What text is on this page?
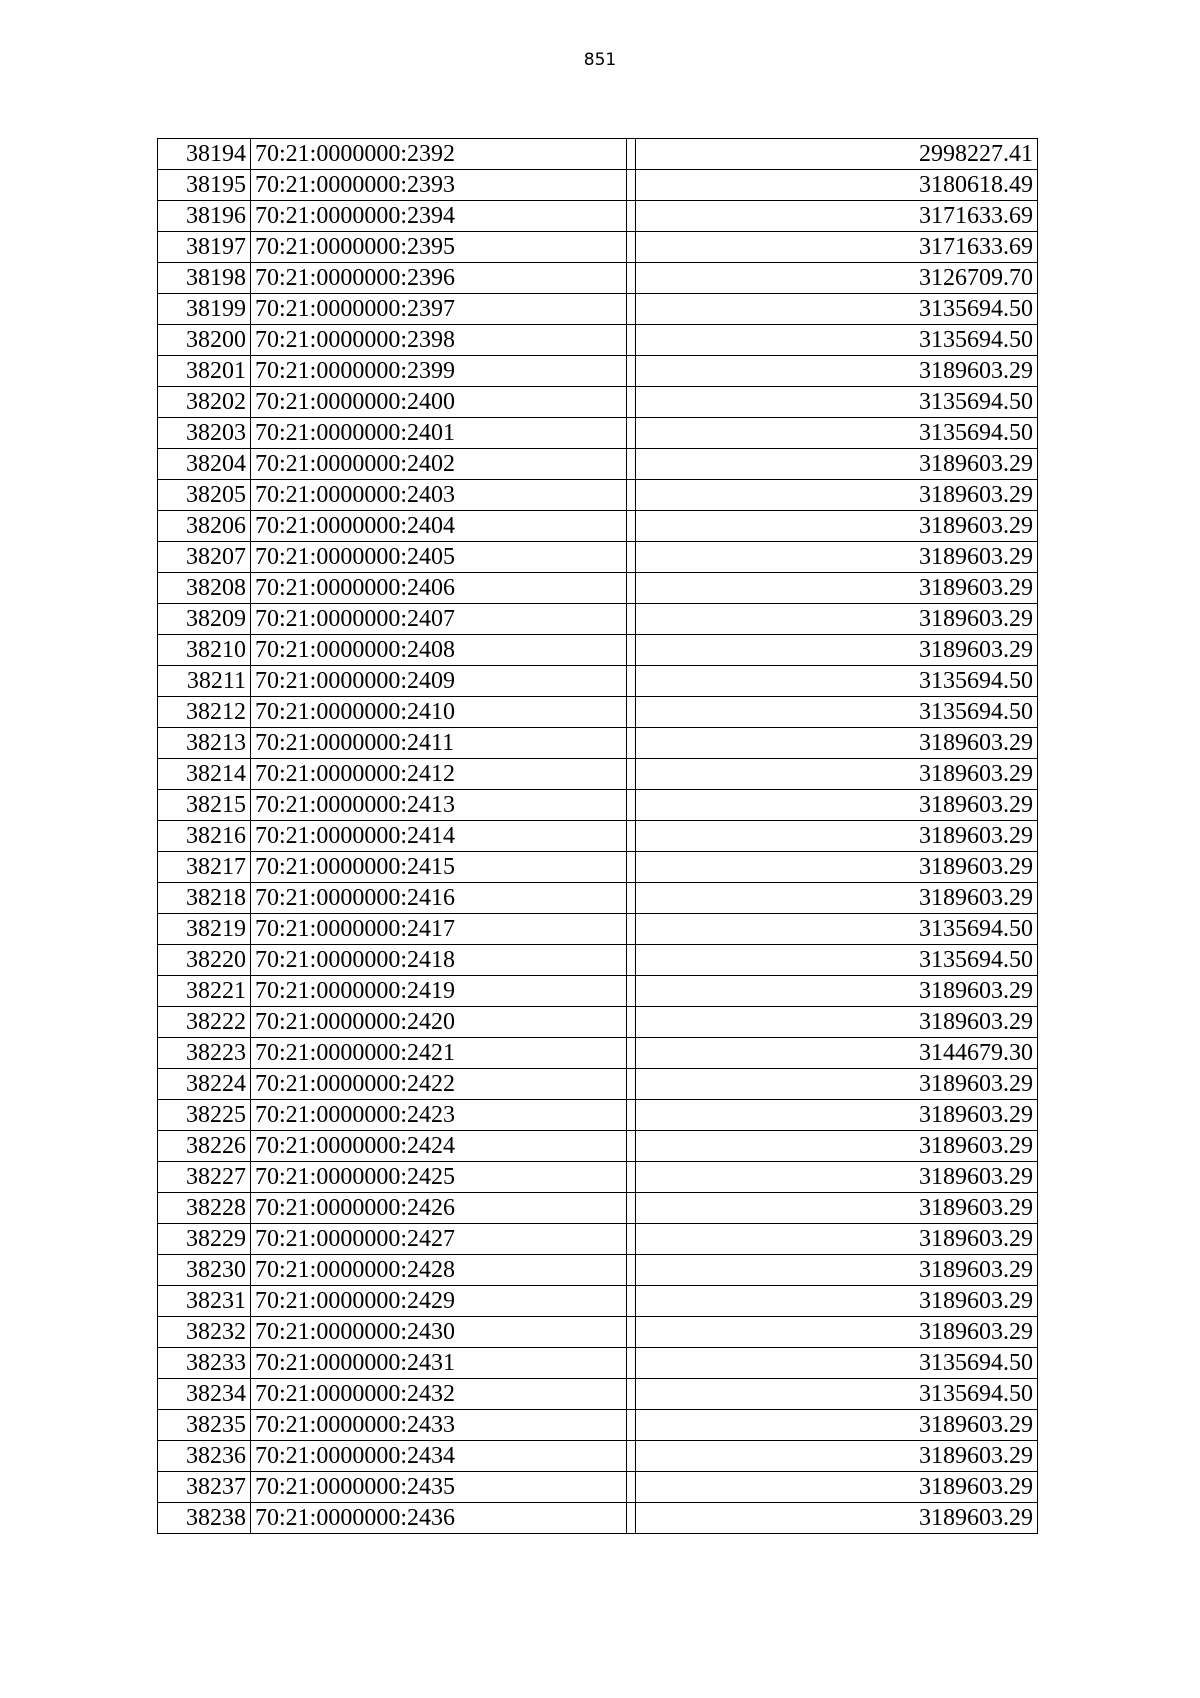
851
38194	70:21:0000000:2392		2998227.41
38195	70:21:0000000:2393		3180618.49
38196	70:21:0000000:2394		3171633.69
38197	70:21:0000000:2395		3171633.69
38198	70:21:0000000:2396		3126709.70
38199	70:21:0000000:2397		3135694.50
38200	70:21:0000000:2398		3135694.50
38201	70:21:0000000:2399		3189603.29
38202	70:21:0000000:2400		3135694.50
38203	70:21:0000000:2401		3135694.50
38204	70:21:0000000:2402		3189603.29
38205	70:21:0000000:2403		3189603.29
38206	70:21:0000000:2404		3189603.29
38207	70:21:0000000:2405		3189603.29
38208	70:21:0000000:2406		3189603.29
38209	70:21:0000000:2407		3189603.29
38210	70:21:0000000:2408		3189603.29
38211	70:21:0000000:2409		3135694.50
38212	70:21:0000000:2410		3135694.50
38213	70:21:0000000:2411		3189603.29
38214	70:21:0000000:2412		3189603.29
38215	70:21:0000000:2413		3189603.29
38216	70:21:0000000:2414		3189603.29
38217	70:21:0000000:2415		3189603.29
38218	70:21:0000000:2416		3189603.29
38219	70:21:0000000:2417		3135694.50
38220	70:21:0000000:2418		3135694.50
38221	70:21:0000000:2419		3189603.29
38222	70:21:0000000:2420		3189603.29
38223	70:21:0000000:2421		3144679.30
38224	70:21:0000000:2422		3189603.29
38225	70:21:0000000:2423		3189603.29
38226	70:21:0000000:2424		3189603.29
38227	70:21:0000000:2425		3189603.29
38228	70:21:0000000:2426		3189603.29
38229	70:21:0000000:2427		3189603.29
38230	70:21:0000000:2428		3189603.29
38231	70:21:0000000:2429		3189603.29
38232	70:21:0000000:2430		3189603.29
38233	70:21:0000000:2431		3135694.50
38234	70:21:0000000:2432		3135694.50
38235	70:21:0000000:2433		3189603.29
38236	70:21:0000000:2434		3189603.29
38237	70:21:0000000:2435		3189603.29
38238	70:21:0000000:2436		3189603.29
